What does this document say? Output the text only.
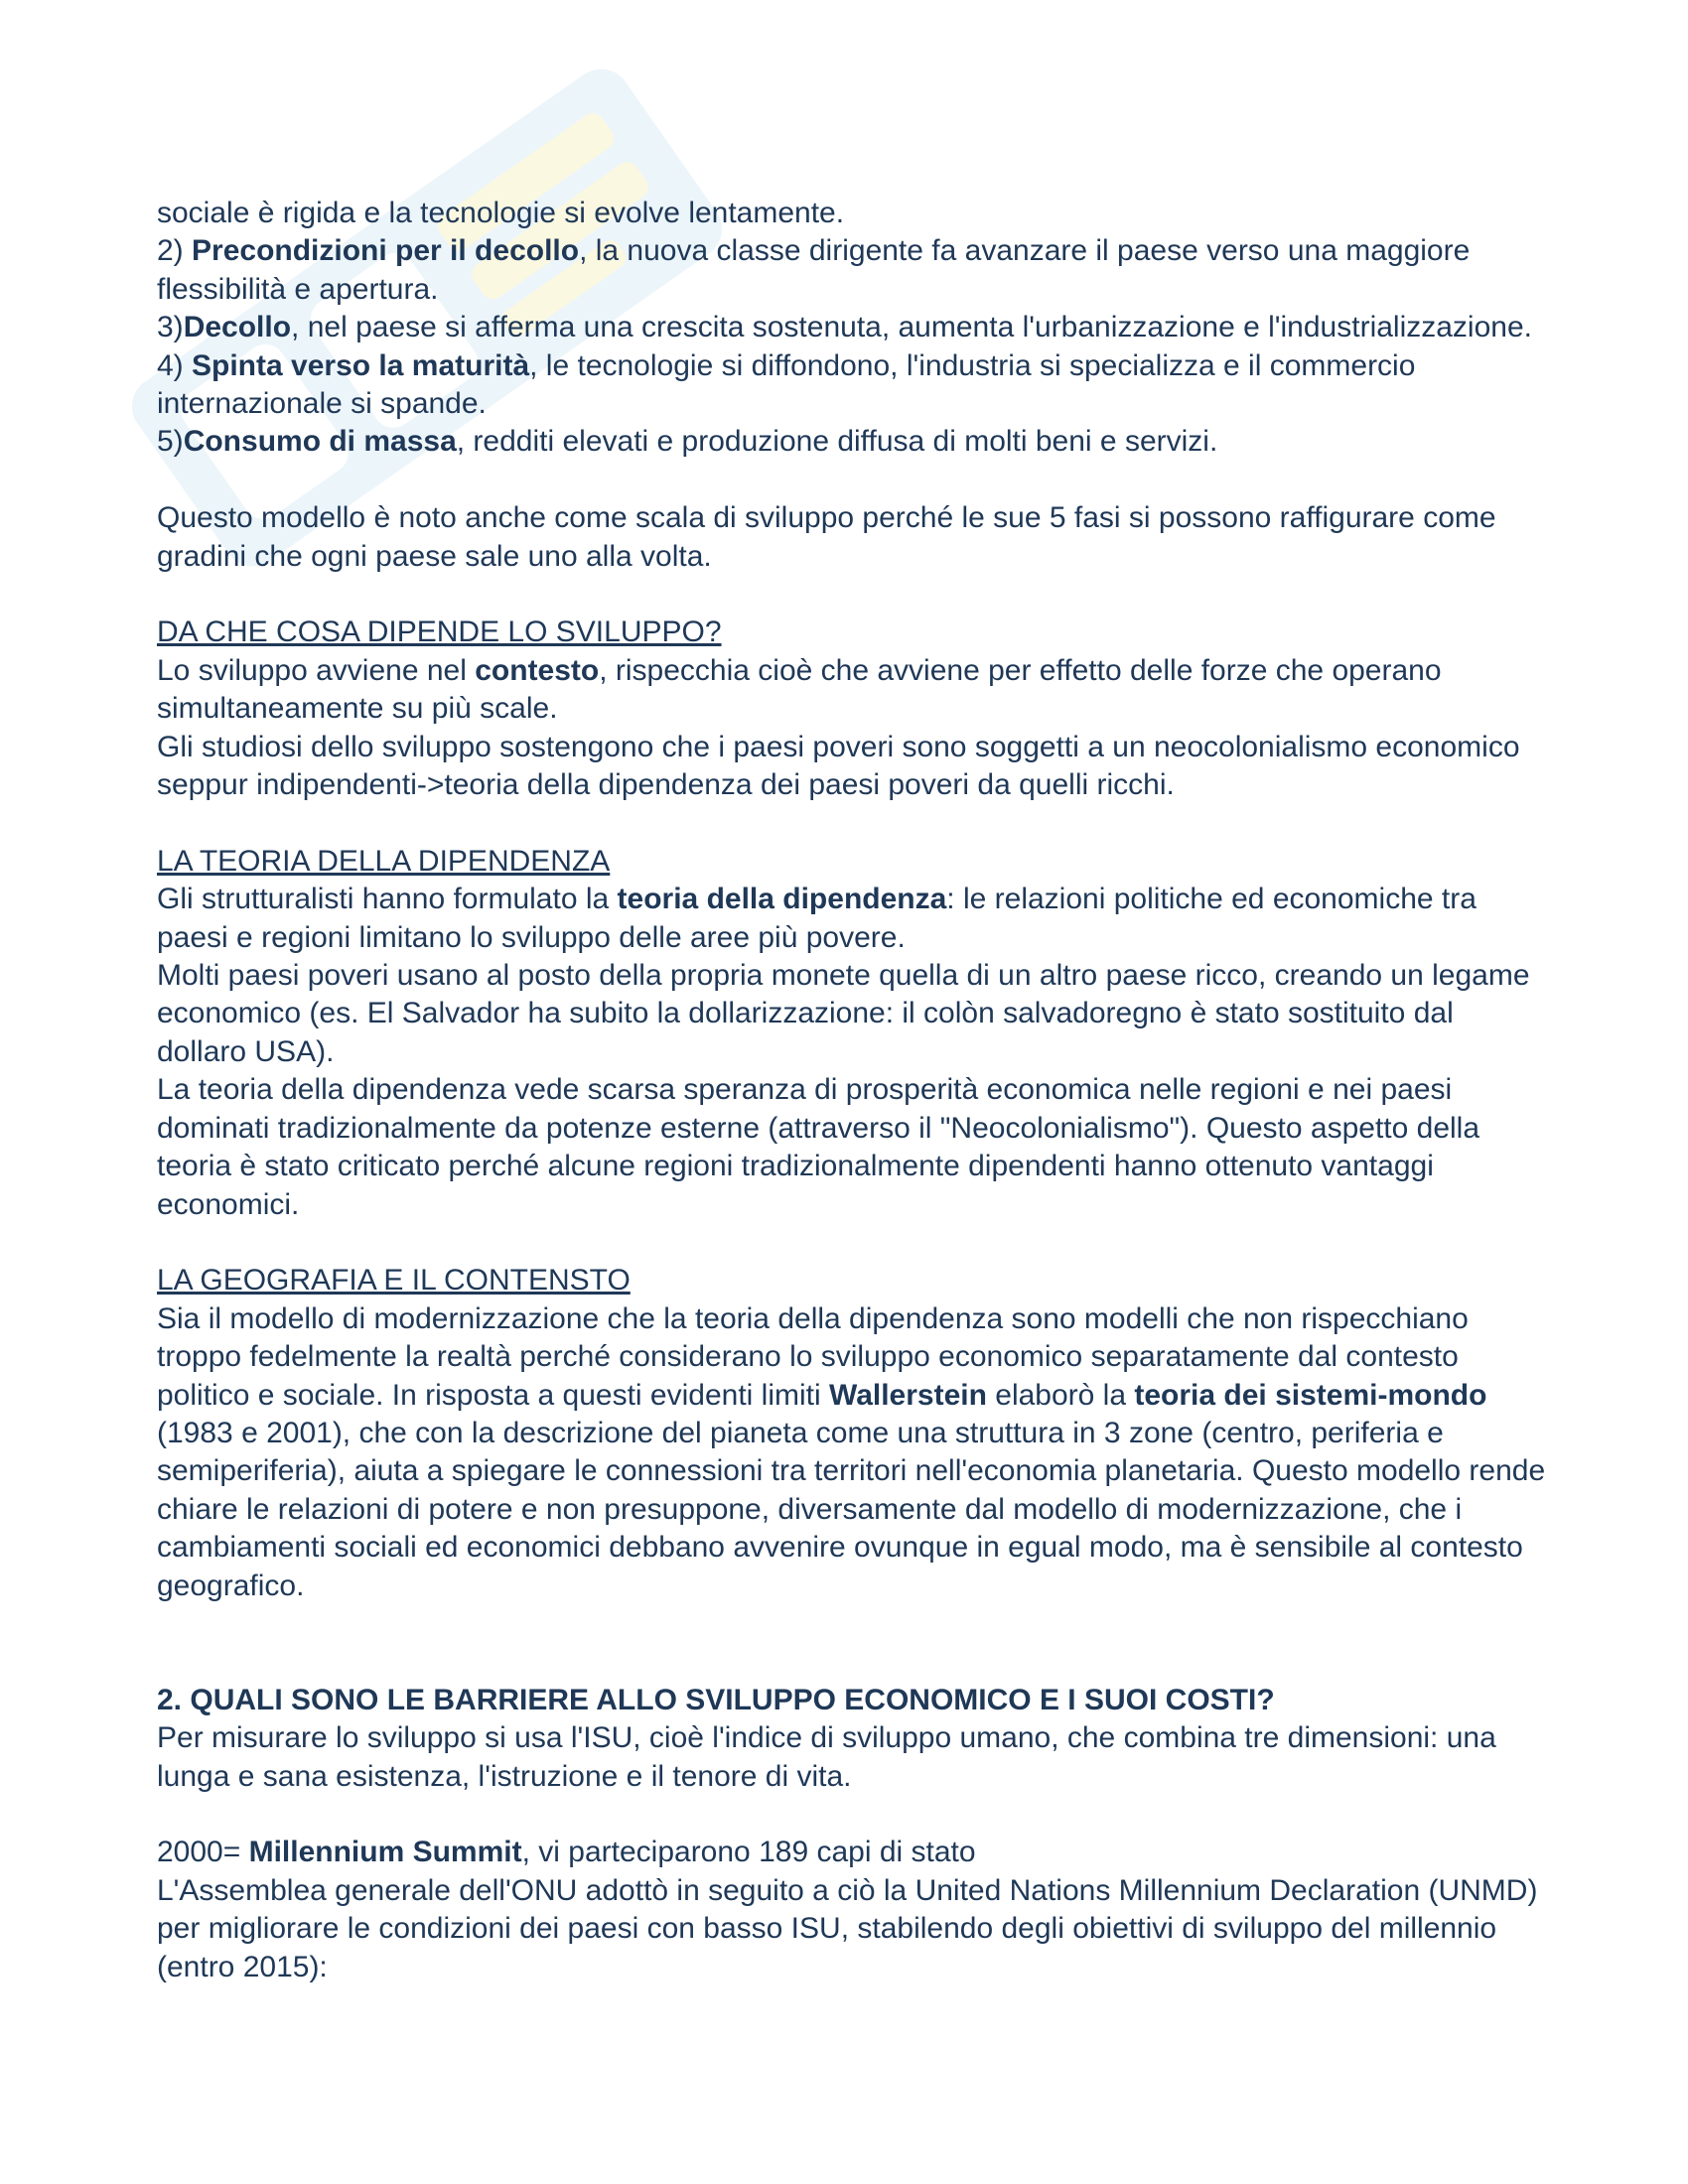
sociale è rigida e la tecnologie si evolve lentamente.

2) Precondizioni per il decollo, la nuova classe dirigente fa avanzare il paese verso una maggiore flessibilità e apertura.

3)Decollo, nel paese si afferma una crescita sostenuta, aumenta l'urbanizzazione e l'industrializzazione.

4) Spinta verso la maturità, le tecnologie si diffondono, l'industria si specializza e il commercio internazionale si spande.

5)Consumo di massa, redditi elevati e produzione diffusa di molti beni e servizi.

Questo modello è noto anche come scala di sviluppo perché le sue 5 fasi si possono raffigurare come gradini che ogni paese sale uno alla volta.

DA CHE COSA DIPENDE LO SVILUPPO?

Lo sviluppo avviene nel contesto, rispecchia cioè che avviene per effetto delle forze che operano simultaneamente su più scale.

Gli studiosi dello sviluppo sostengono che i paesi poveri sono soggetti a un neocolonialismo economico seppur indipendenti->teoria della dipendenza dei paesi poveri da quelli ricchi.

LA TEORIA DELLA DIPENDENZA

Gli strutturalisti hanno formulato la teoria della dipendenza: le relazioni politiche ed economiche tra paesi e regioni limitano lo sviluppo delle aree più povere.

Molti paesi poveri usano al posto della propria monete quella di un altro paese ricco, creando un legame economico (es. El Salvador ha subito la dollarizzazione: il colòn salvadoregno è stato sostituito dal dollaro USA).

La teoria della dipendenza vede scarsa speranza di prosperità economica nelle regioni e nei paesi dominati tradizionalmente da potenze esterne (attraverso il "Neocolonialismo"). Questo aspetto della teoria è stato criticato perché alcune regioni tradizionalmente dipendenti hanno ottenuto vantaggi economici.

LA GEOGRAFIA E IL CONTENSTO

Sia il modello di modernizzazione che la teoria della dipendenza sono modelli che non rispecchiano troppo fedelmente la realtà perché considerano lo sviluppo economico separatamente dal contesto politico e sociale. In risposta a questi evidenti limiti Wallerstein elaborò la teoria dei sistemi-mondo (1983 e 2001), che con la descrizione del pianeta come una struttura in 3 zone (centro, periferia e semiperiferia), aiuta a spiegare le connessioni tra territori nell'economia planetaria. Questo modello rende chiare le relazioni di potere e non presuppone, diversamente dal modello di modernizzazione, che i cambiamenti sociali ed economici debbano avvenire ovunque in egual modo, ma è sensibile al contesto geografico.

2. QUALI SONO LE BARRIERE ALLO SVILUPPO ECONOMICO E I SUOI COSTI?

Per misurare lo sviluppo si usa l'ISU, cioè l'indice di sviluppo umano, che combina tre dimensioni: una lunga e sana esistenza, l'istruzione e il tenore di vita.

2000= Millennium Summit, vi parteciparono 189 capi di stato

L'Assemblea generale dell'ONU adottò in seguito a ciò la United Nations Millennium Declaration (UNMD) per migliorare le condizioni dei paesi con basso ISU, stabilendo degli obiettivi di sviluppo del millennio (entro 2015):
